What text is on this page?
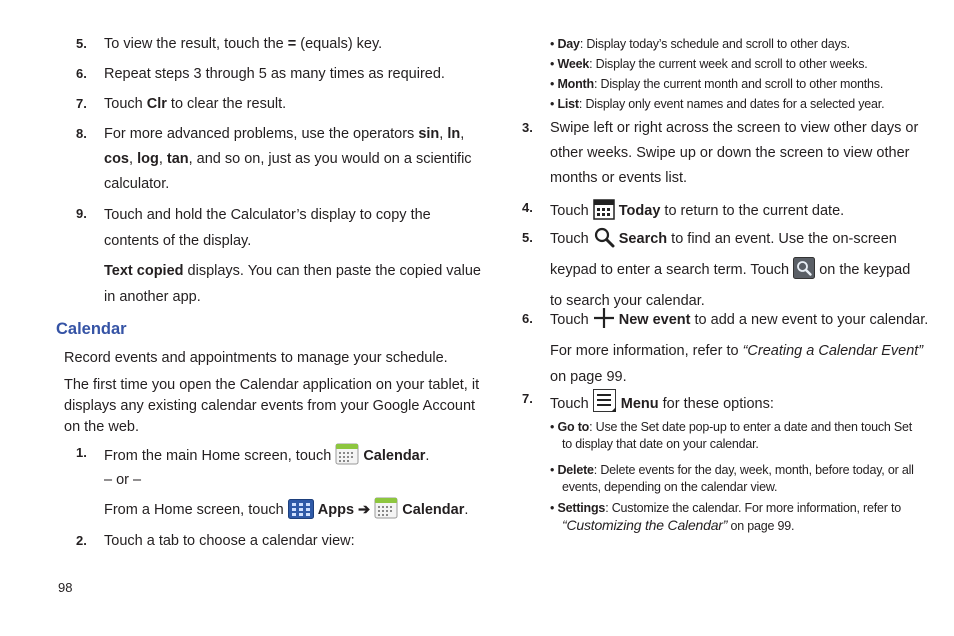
5. To view the result, touch the = (equals) key.
6. Repeat steps 3 through 5 as many times as required.
7. Touch Clr to clear the result.
8. For more advanced problems, use the operators sin, ln,
cos, log, tan, and so on, just as you would on a scientific
calculator.
9. Touch and hold the Calculator’s display to copy the
contents of the display.
Text copied displays. You can then paste the copied value
in another app.
Calendar
Record events and appointments to manage your schedule.
The first time you open the Calendar application on your tablet, it
displays any existing calendar events from your Google Account
on the web.
1. From the main Home screen, touch  Calendar.
– or –
From a Home screen, touch  Apps ➔  Calendar.
2. Touch a tab to choose a calendar view:
98
• Day: Display today’s schedule and scroll to other days.
• Week: Display the current week and scroll to other weeks.
• Month: Display the current month and scroll to other months.
• List: Display only event names and dates for a selected year.
3. Swipe left or right across the screen to view other days or
other weeks. Swipe up or down the screen to view other
months or events list.
4. Touch  Today to return to the current date.
5. Touch  Search to find an event. Use the on-screen
keypad to enter a search term. Touch  on the keypad
to search your calendar.
6. Touch  New event to add a new event to your calendar.
For more information, refer to “Creating a Calendar Event”
on page 99.
7. Touch  Menu for these options:
• Go to: Use the Set date pop-up to enter a date and then touch Set
to display that date on your calendar.
• Delete: Delete events for the day, week, month, before today, or all
events, depending on the calendar view.
• Settings: Customize the calendar. For more information, refer to
“Customizing the Calendar” on page 99.
